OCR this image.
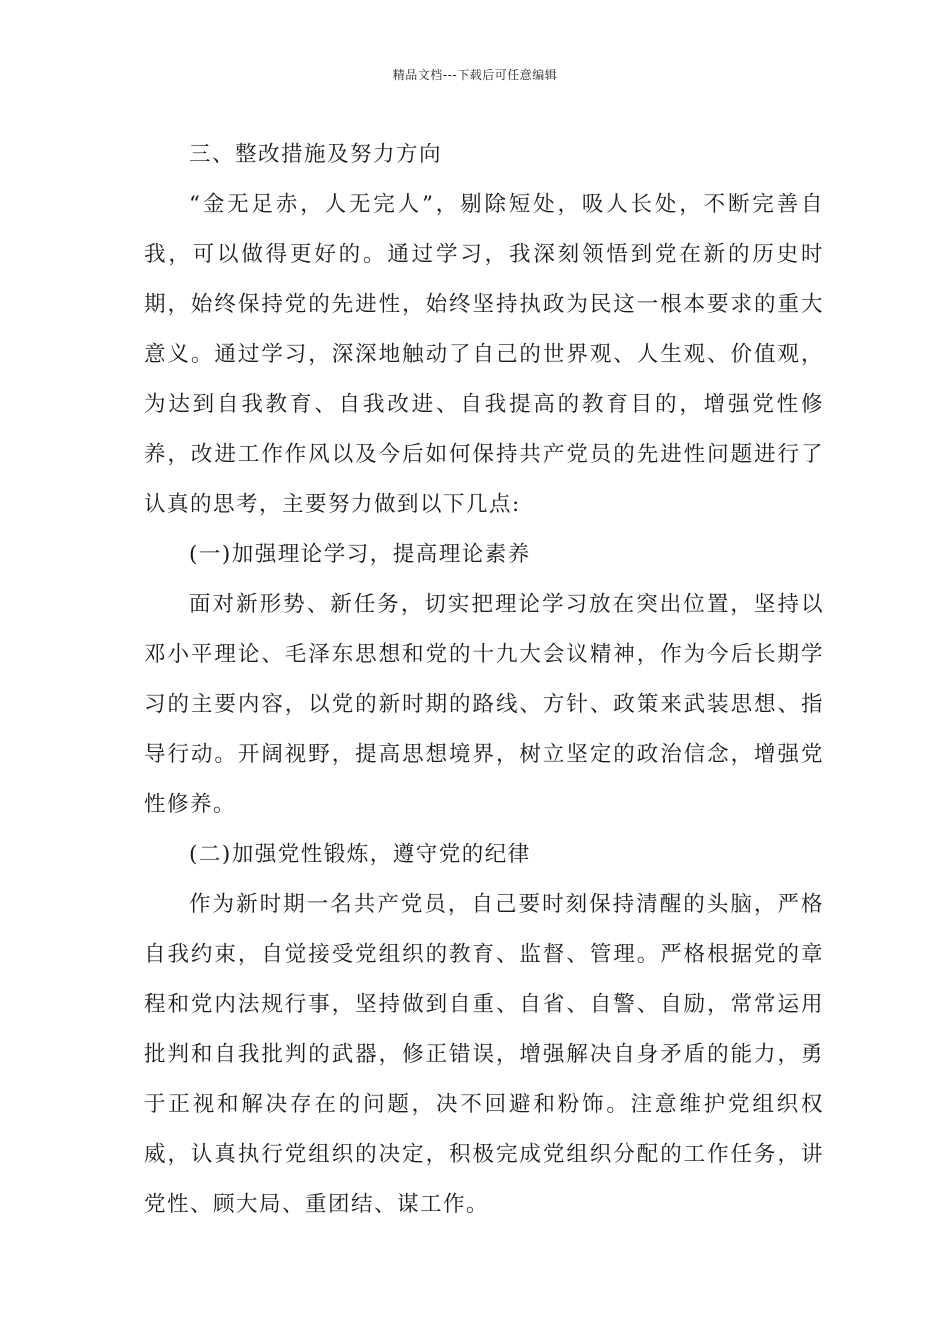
精品文档---下载后可任意编辑

三、整改措施及努力方向

“金无足赤，人无完人”，剔除短处，吸人长处，不断完善自我，可以做得更好的。通过学习，我深刻领悟到党在新的历史时期，始终保持党的先进性，始终坚持执政为民这一根本要求的重大意义。通过学习，深深地触动了自己的世界观、人生观、价值观，为达到自我教育、自我改进、自我提高的教育目的，增强党性修养，改进工作作风以及今后如何保持共产党员的先进性问题进行了认真的思考，主要努力做到以下几点:

(一)加强理论学习，提高理论素养

面对新形势、新任务，切实把理论学习放在突出位置，坚持以邓小平理论、毛泽东思想和党的十九大会议精神，作为今后长期学习的主要内容，以党的新时期的路线、方针、政策来武装思想、指导行动。开阔视野，提高思想境界，树立坚定的政治信念，增强党性修养。

(二)加强党性锻炼，遵守党的纪律

作为新时期一名共产党员，自己要时刻保持清醒的头脑，严格自我约束，自觉接受党组织的教育、监督、管理。严格根据党的章程和党内法规行事，坚持做到自重、自省、自警、自励，常常运用批判和自我批判的武器，修正错误，增强解决自身矛盾的能力，勇于正视和解决存在的问题，决不回避和粉饰。注意维护党组织权威，认真执行党组织的决定，积极完成党组织分配的工作任务，讲党性、顾大局、重团结、谋工作。
